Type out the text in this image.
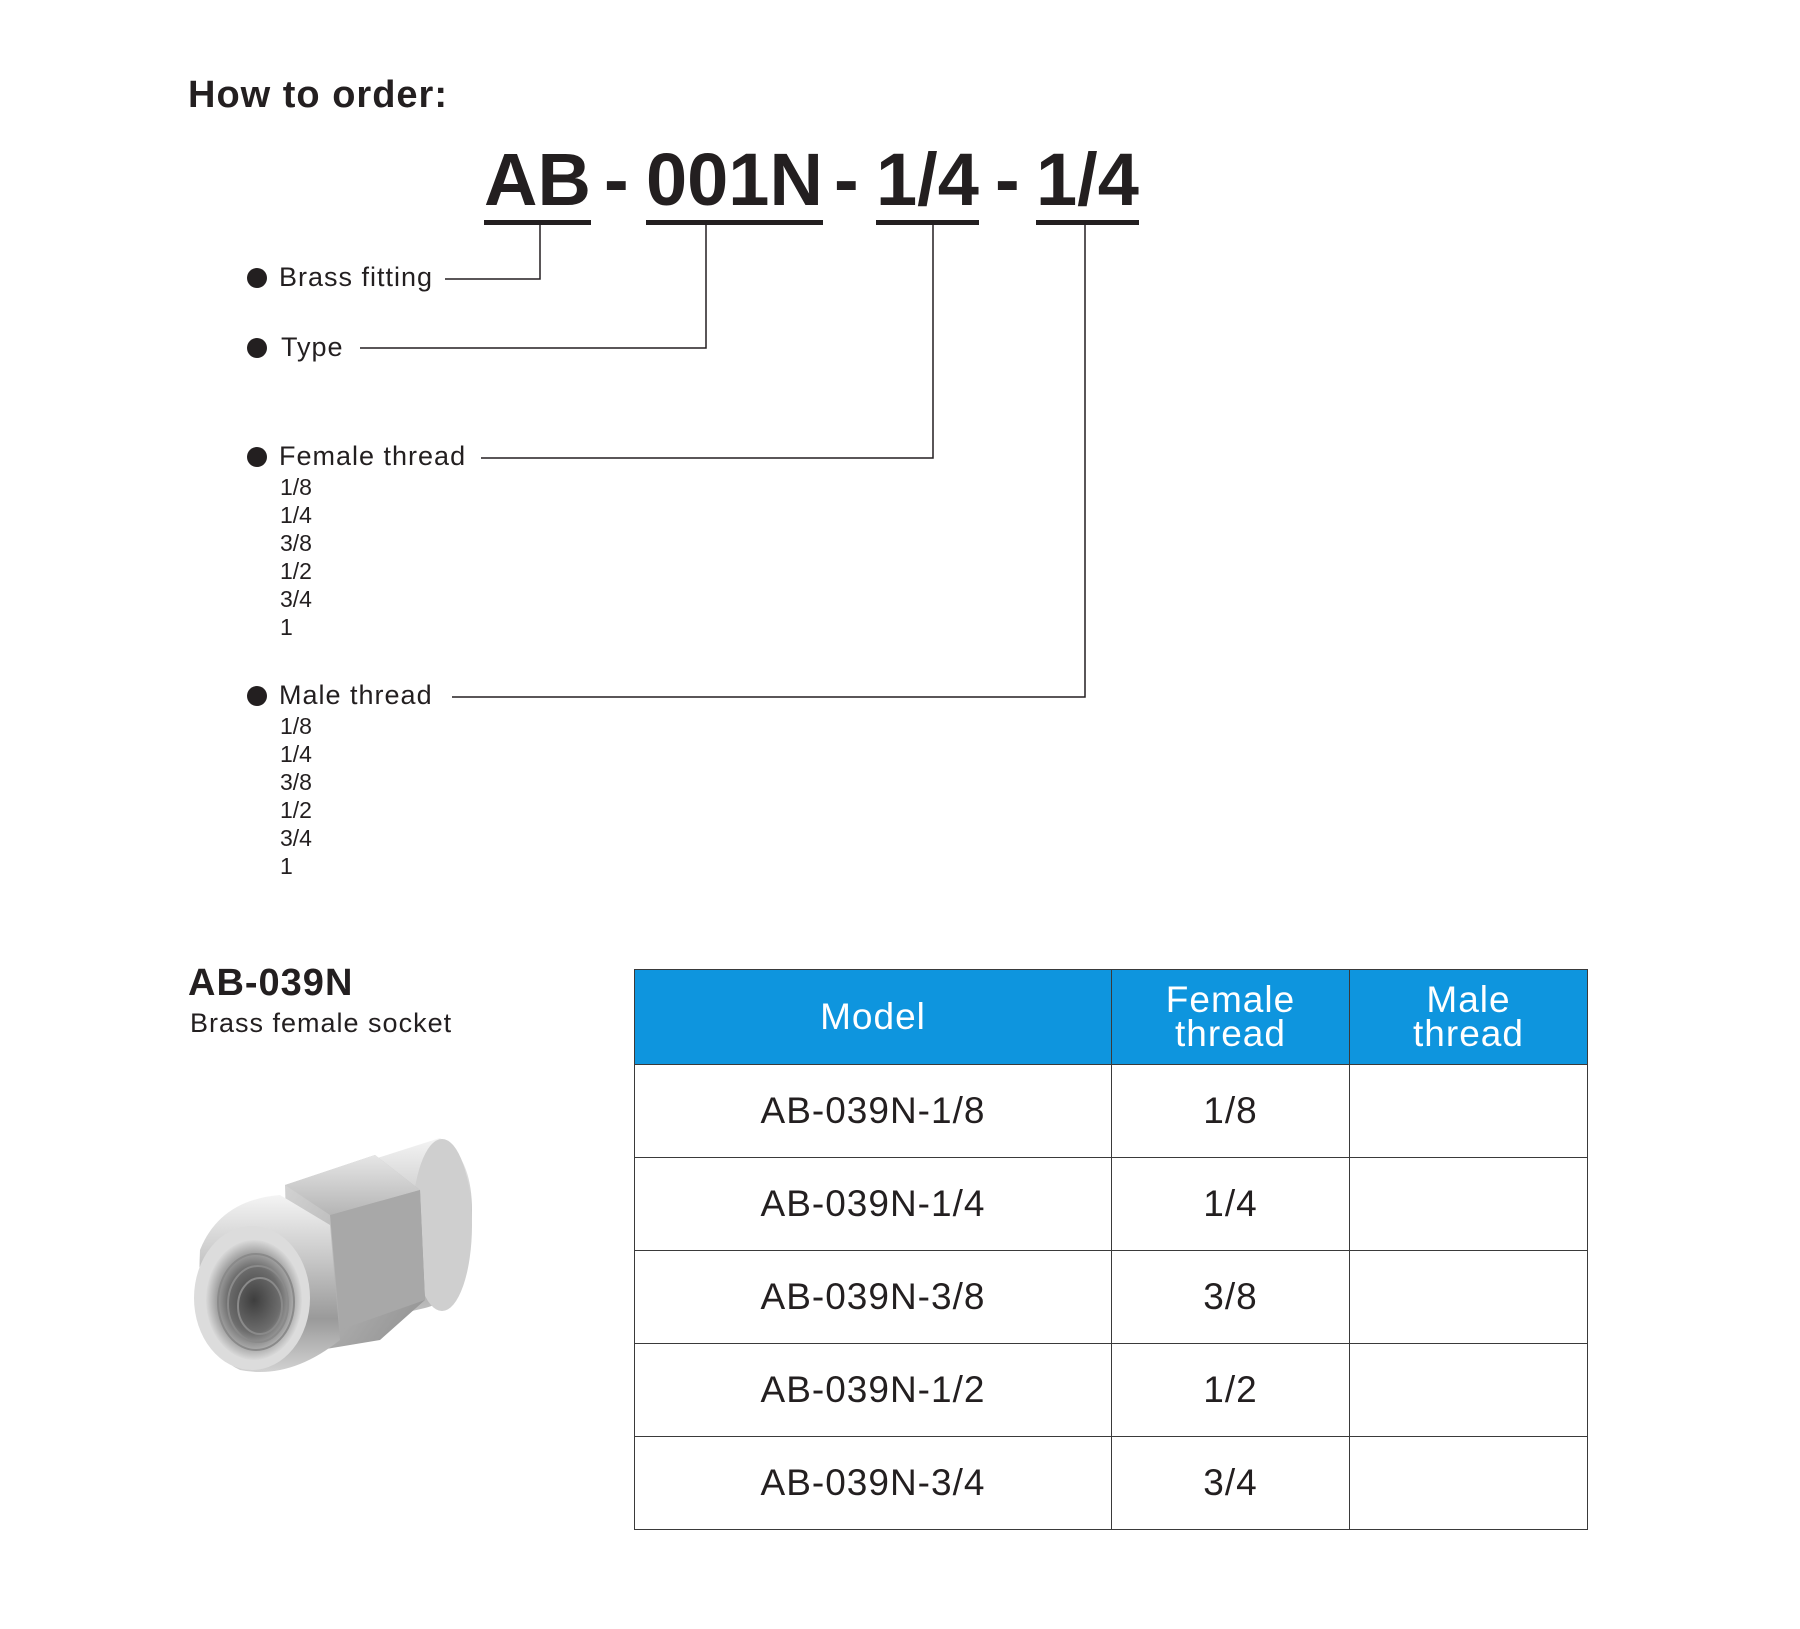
How to order:
AB - 001N - 1/4 - 1/4
Brass fitting
Type
Female thread
1/8
1/4
3/8
1/2
3/4
1
Male thread
1/8
1/4
3/8
1/2
3/4
1
AB-039N
Brass female socket	Model	Female thread	Male thread
AB-039N-1/8	1/8	
AB-039N-1/4	1/4	
AB-039N-3/8	3/8	
AB-039N-1/2	1/2	
AB-039N-3/4	3/4	
